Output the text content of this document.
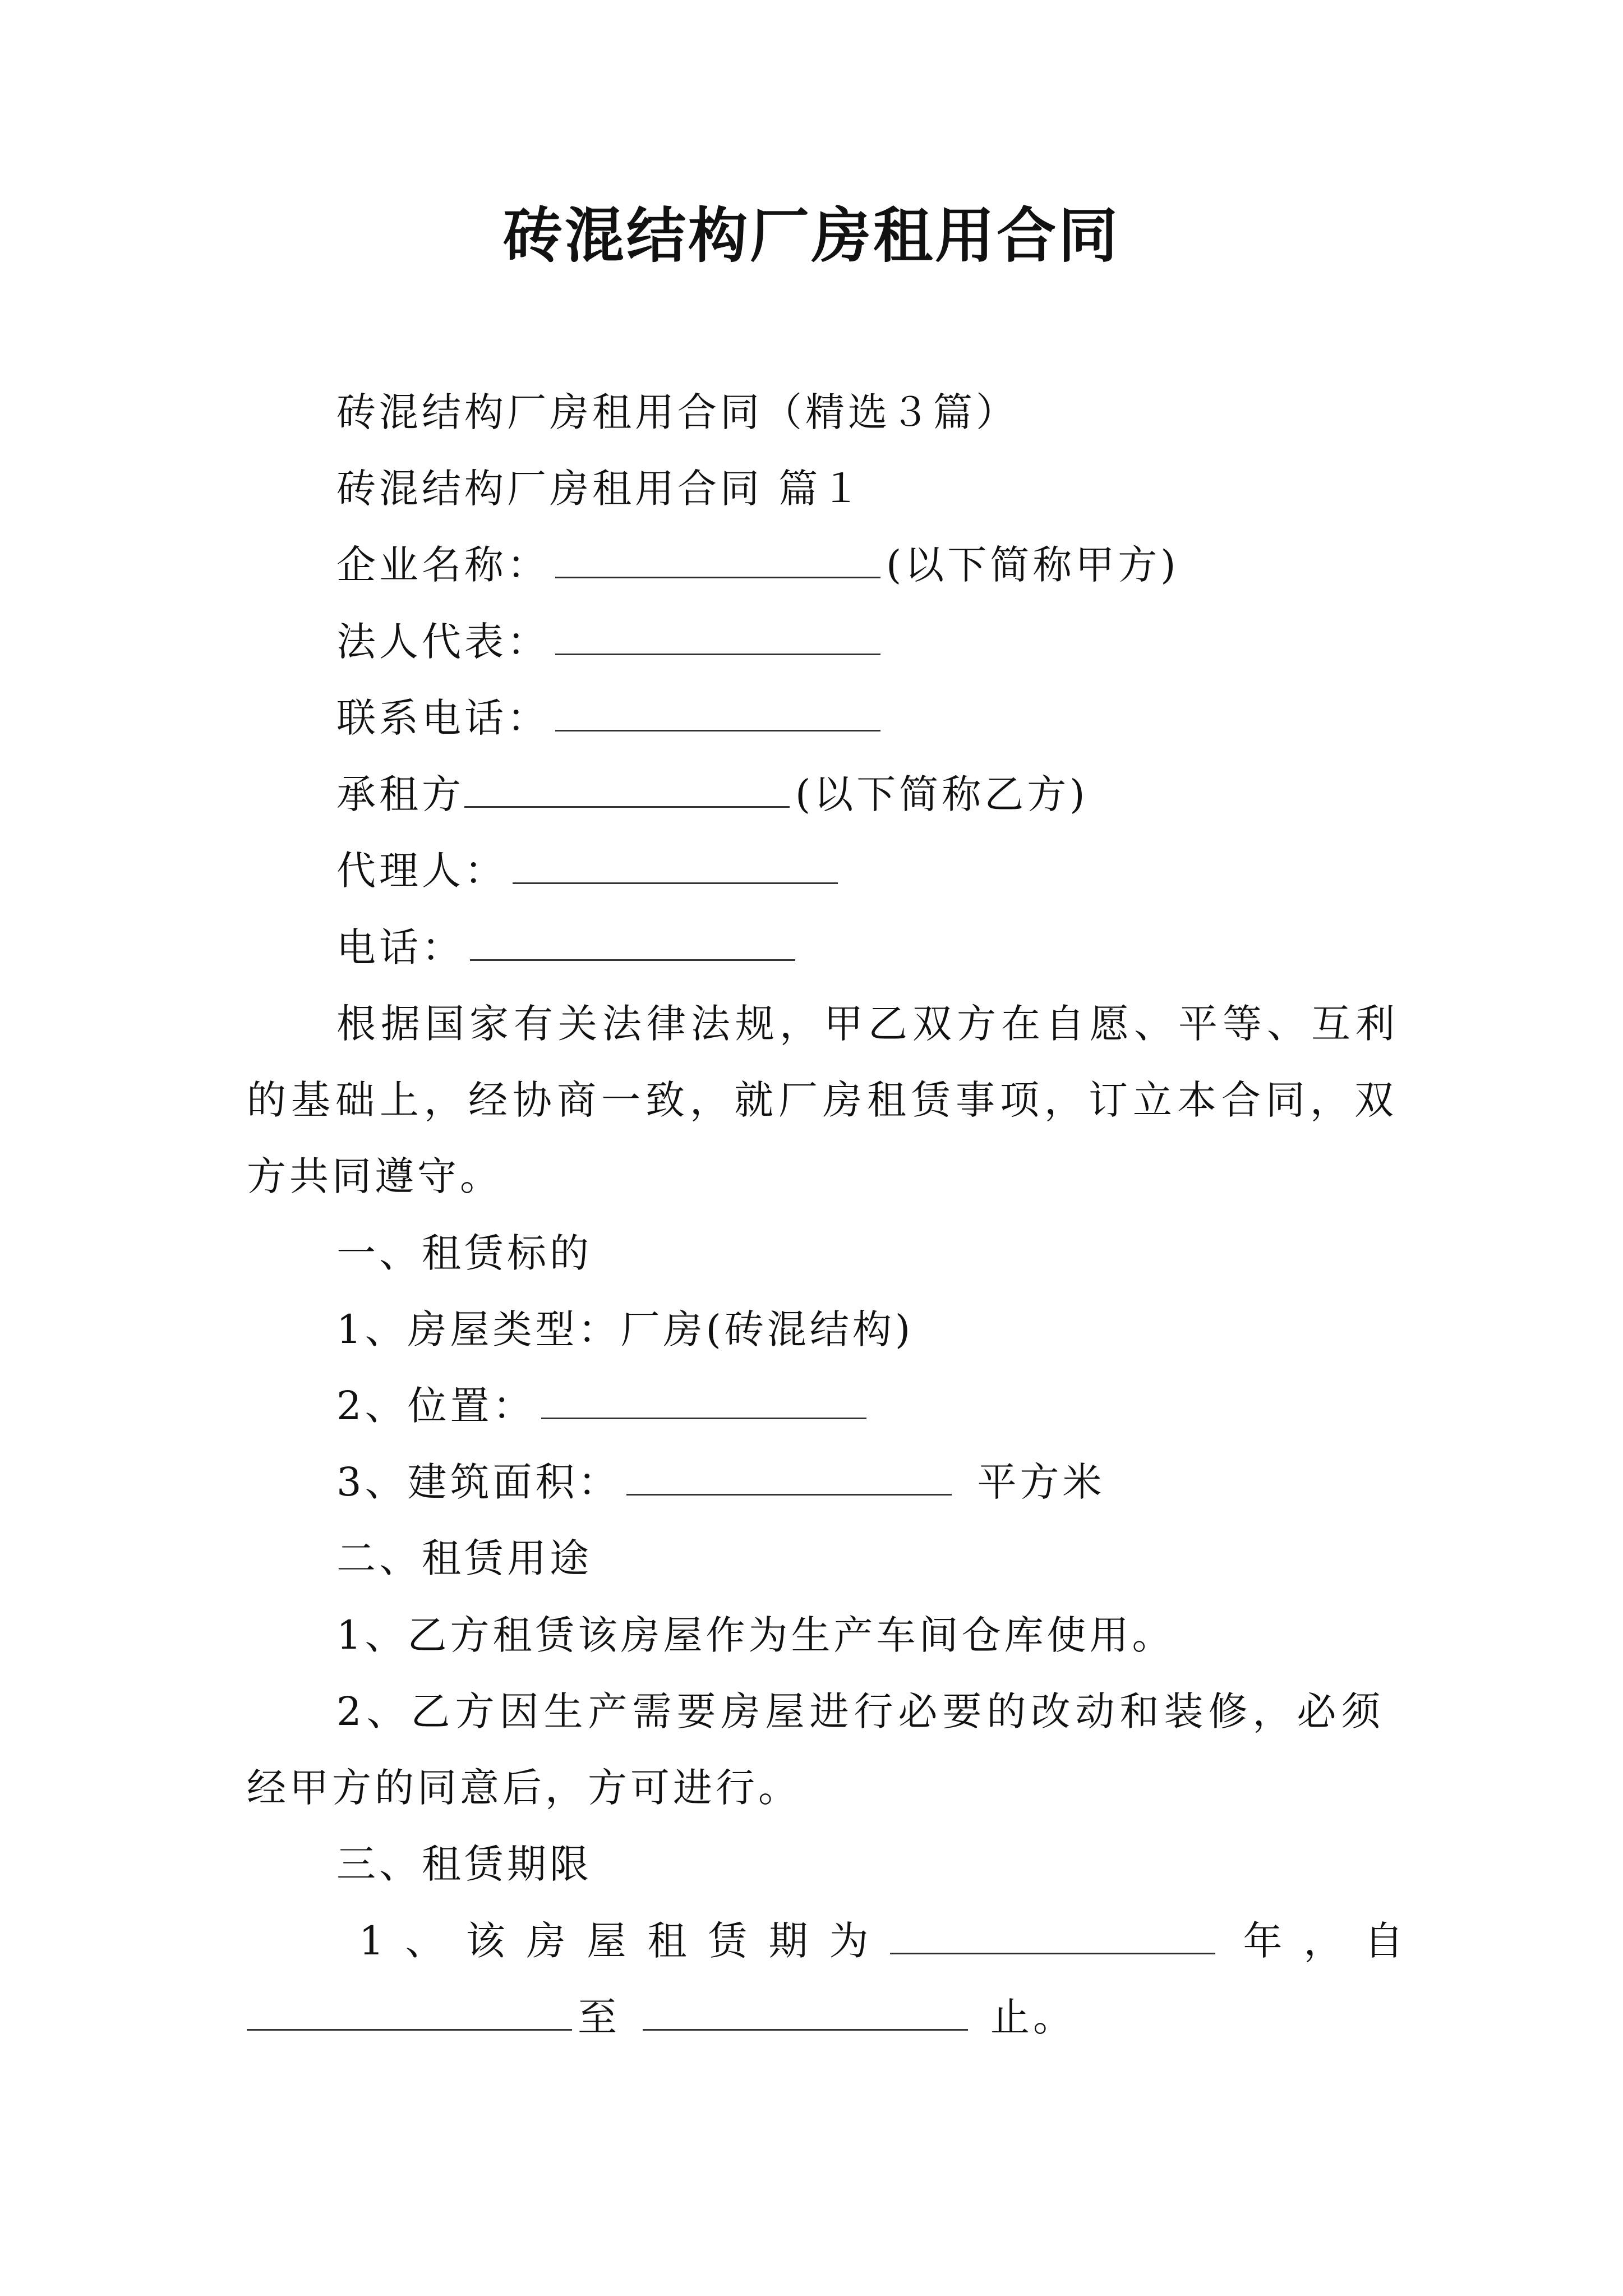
砖混结构厂房租用合同
砖混结构厂房租用合同（精选３篇）
砖混结构厂房租用合同 篇１
企业名称：	(以下简称甲方)
法人代表：
联系电话：
承租方	(以下简称乙方)
代理人：
电话：
根据国家有关法律法规，甲乙双方在自愿、平等、互利
的基础上，经协商一致，就厂房租赁事项，订立本合同，双
方共同遵守。
一、租赁标的
1、房屋类型：厂房(砖混结构)
2、位置：
3、建筑面积：	平方米
二、租赁用途
1、乙方租赁该房屋作为生产车间仓库使用。
2、乙方因生产需要房屋进行必要的改动和装修，必须
经甲方的同意后，方可进行。
三、租赁期限
1、该房屋租赁期为	年，自
至	止。
